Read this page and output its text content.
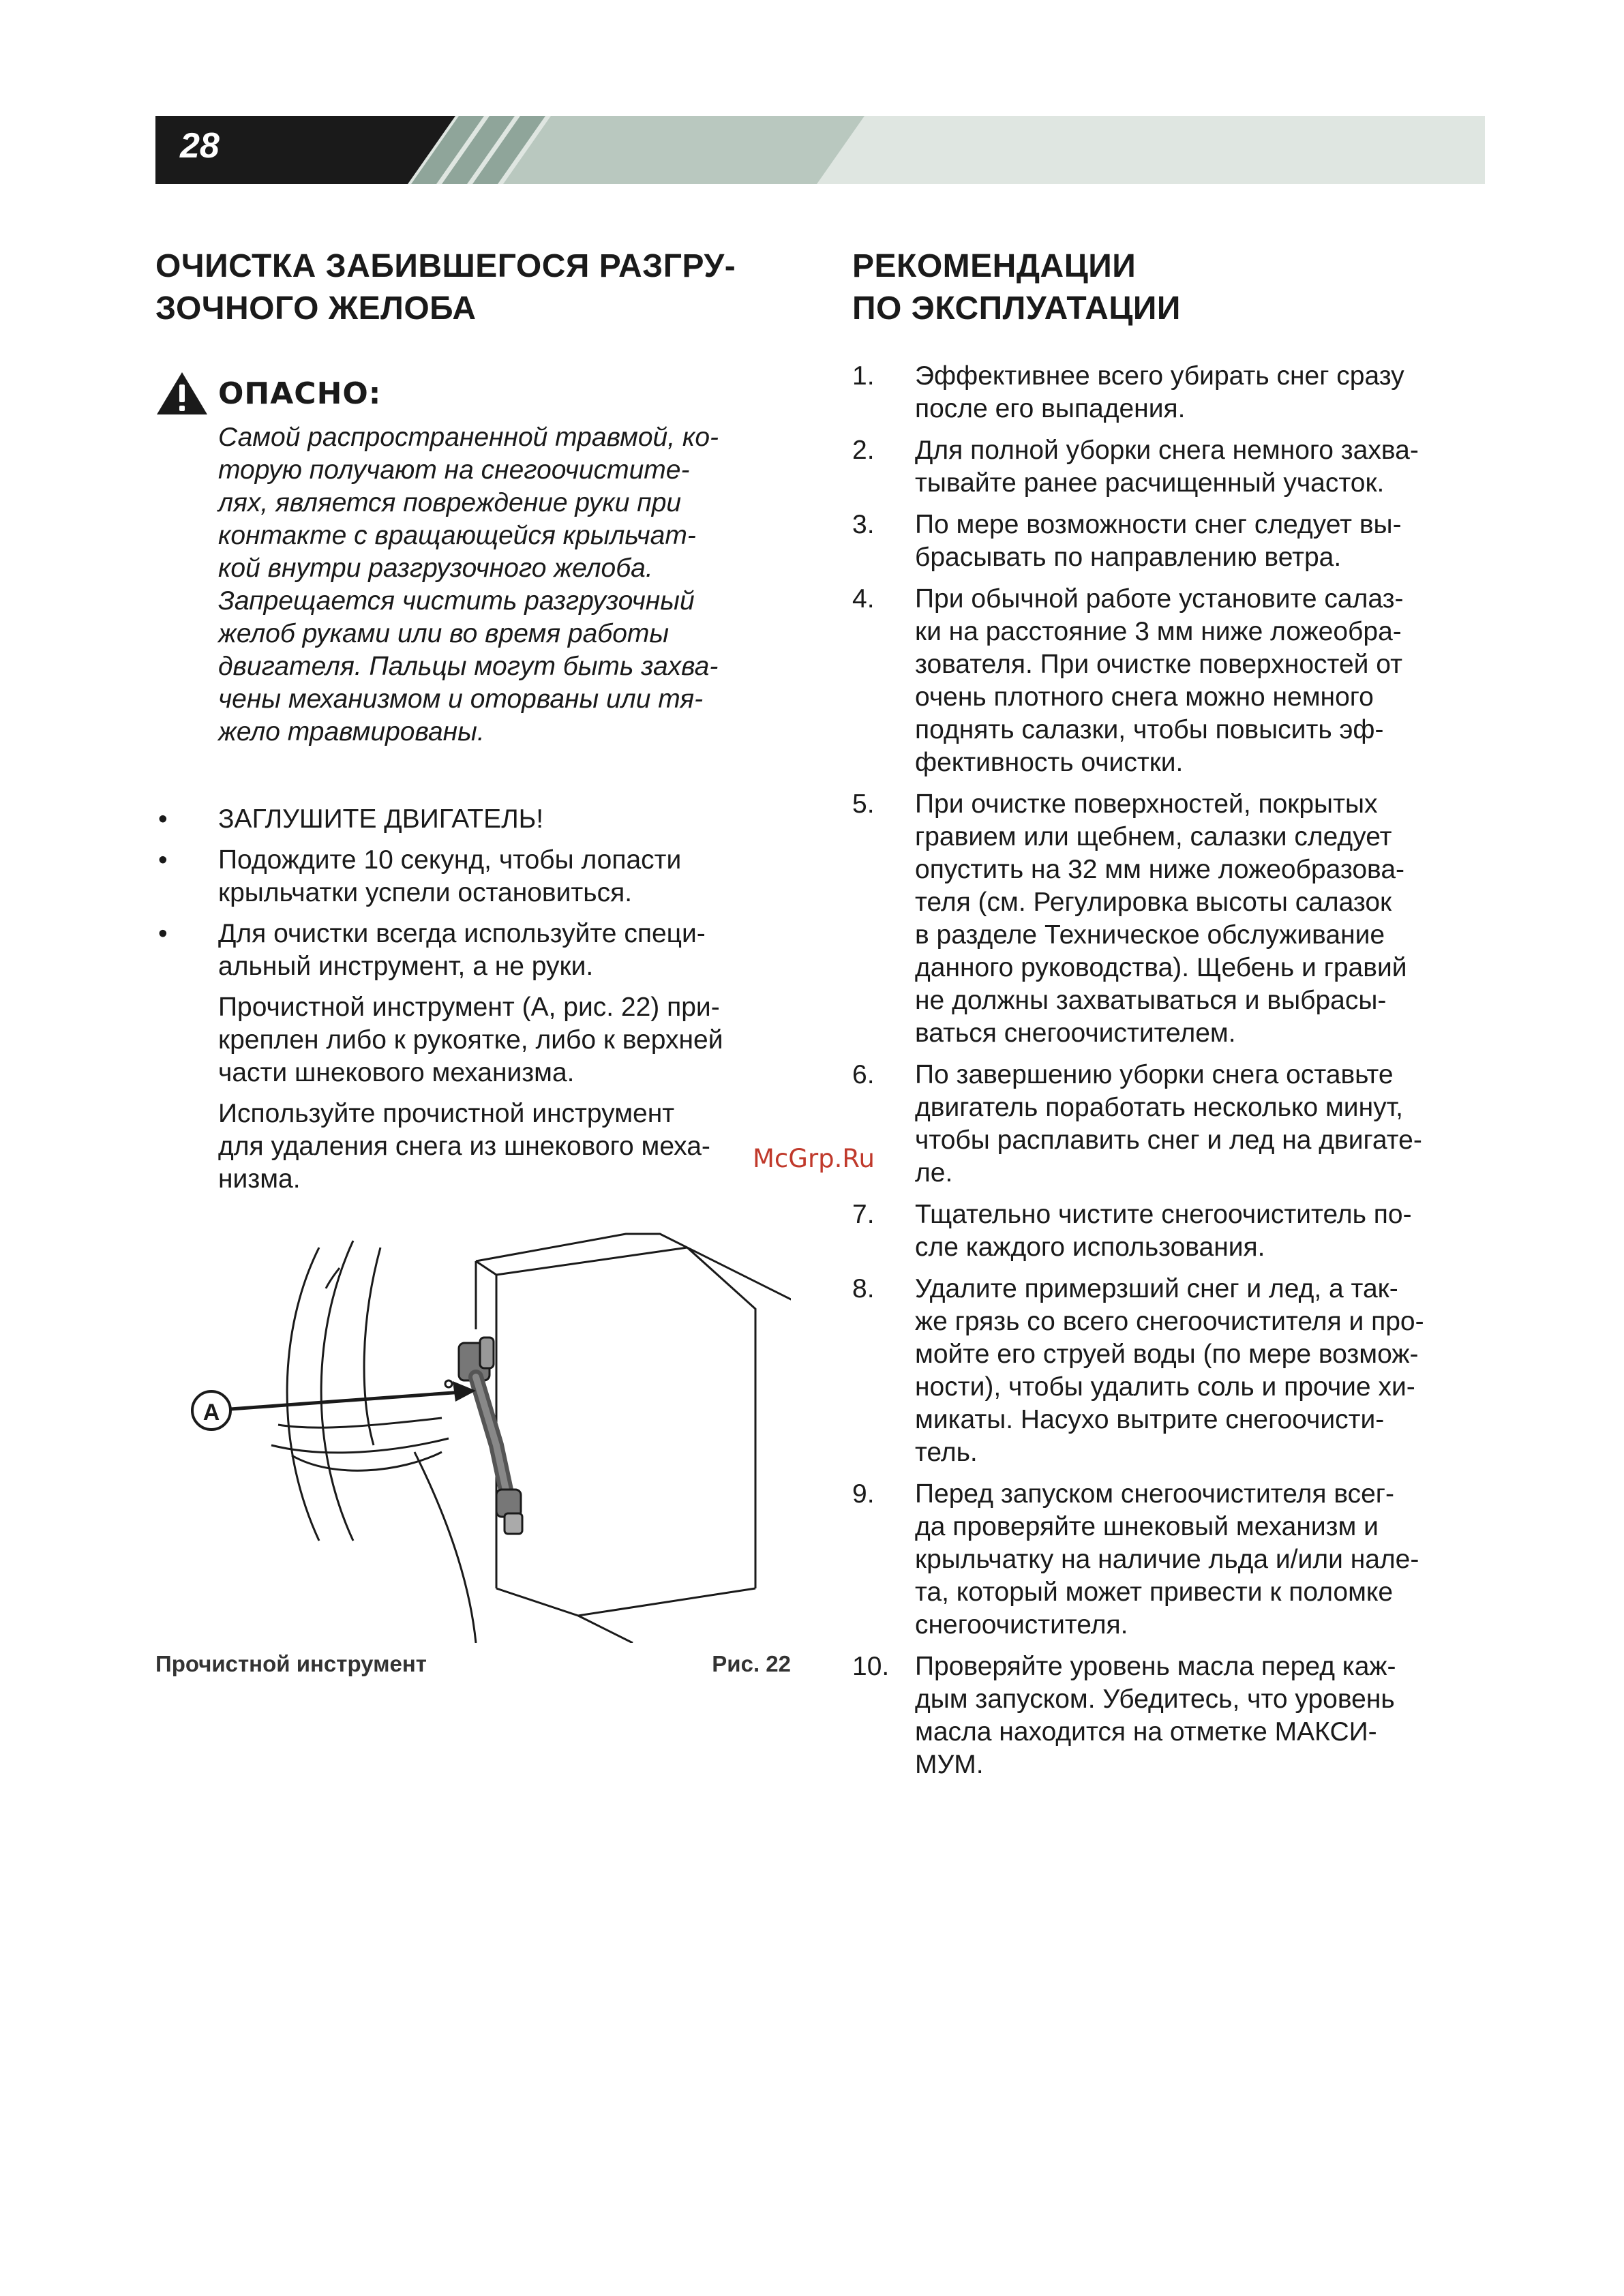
28
ОЧИСТКА ЗАБИВШЕГОСЯ РАЗГРУ-
ЗОЧНОГО ЖЕЛОБА
ОПАСНО:
Самой распространенной травмой, ко-
торую получают на снегоочистите-
лях, является повреждение руки при
контакте с вращающейся крыльчат-
кой внутри разгрузочного желоба.
Запрещается чистить разгрузочный
желоб руками или во время работы
двигателя. Пальцы могут быть захва-
чены механизмом и оторваны или тя-
жело травмированы.
• ЗАГЛУШИТЕ ДВИГАТЕЛЬ!
• Подождите 10 секунд, чтобы лопасти
крыльчатки успели остановиться.
• Для очистки всегда используйте специ-
альный инструмент, а не руки.
Прочистной инструмент (А, рис. 22) при-
креплен либо к рукоятке, либо к верхней
части шнекового механизма.
Используйте прочистной инструмент
для удаления снега из шнекового меха-
низма.
A
Прочистной инструмент	Рис. 22
McGrp.Ru
РЕКОМЕНДАЦИИ
ПО ЭКСПЛУАТАЦИИ
1. Эффективнее всего убирать снег сразу
после его выпадения.
2. Для полной уборки снега немного захва-
тывайте ранее расчищенный участок.
3. По мере возможности снег следует вы-
брасывать по направлению ветра.
4. При обычной работе установите салаз-
ки на расстояние 3 мм ниже ложеобра-
зователя. При очистке поверхностей от
очень плотного снега можно немного
поднять салазки, чтобы повысить эф-
фективность очистки.
5. При очистке поверхностей, покрытых
гравием или щебнем, салазки следует
опустить на 32 мм ниже ложеобразова-
теля (см. Регулировка высоты салазок
в разделе Техническое обслуживание
данного руководства). Щебень и гравий
не должны захватываться и выбрасы-
ваться снегоочистителем.
6. По завершению уборки снега оставьте
двигатель поработать несколько минут,
чтобы расплавить снег и лед на двигате-
ле.
7. Тщательно чистите снегоочиститель по-
сле каждого использования.
8. Удалите примерзший снег и лед, а так-
же грязь со всего снегоочистителя и про-
мойте его струей воды (по мере возмож-
ности), чтобы удалить соль и прочие хи-
микаты. Насухо вытрите снегоочисти-
тель.
9. Перед запуском снегоочистителя всег-
да проверяйте шнековый механизм и
крыльчатку на наличие льда и/или нале-
та, который может привести к поломке
снегоочистителя.
10. Проверяйте уровень масла перед каж-
дым запуском. Убедитесь, что уровень
масла находится на отметке МАКСИ-
МУМ.
